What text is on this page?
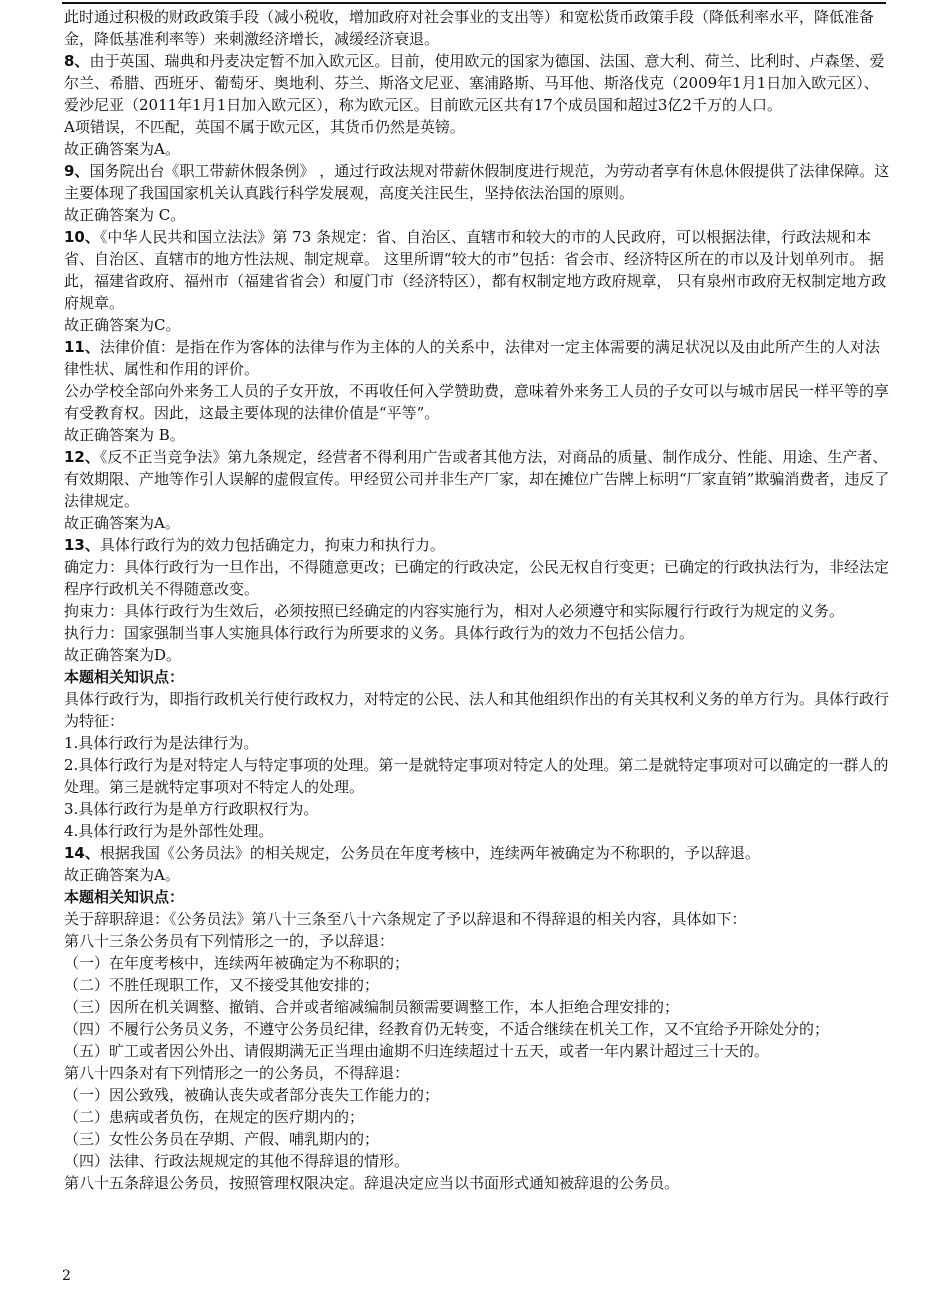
此时通过积极的财政政策手段（减小税收，增加政府对社会事业的支出等）和宽松货币政策手段（降低利率水平，降低准备金，降低基准利率等）来刺激经济增长，减缓经济衰退。

8、由于英国、瑞典和丹麦决定暂不加入欧元区。目前，使用欧元的国家为德国、法国、意大利、荷兰、比利时、卢森堡、爱尔兰、希腊、西班牙、葡萄牙、奥地利、芬兰、斯洛文尼亚、塞浦路斯、马耳他、斯洛伐克（2009年1月1日加入欧元区）、爱沙尼亚（2011年1月1日加入欧元区），称为欧元区。目前欧元区共有17个成员国和超过3亿2千万的人口。

A项错误，不匹配，英国不属于欧元区，其货币仍然是英镑。

故正确答案为A。

9、国务院出台《职工带薪休假条例》 ，通过行政法规对带薪休假制度进行规范，为劳动者享有休息休假提供了法律保障。这主要体现了我国国家机关认真践行科学发展观，高度关注民生，坚持依法治国的原则。

故正确答案为 C。

10、《中华人民共和国立法法》第 73 条规定：省、自治区、直辖市和较大的市的人民政府，可以根据法律，行政法规和本省、自治区、直辖市的地方性法规、制定规章。 这里所谓“较大的市”包括：省会市、经济特区所在的市以及计划单列市。 据此，福建省政府、福州市（福建省省会）和厦门市（经济特区），都有权制定地方政府规章， 只有泉州市政府无权制定地方政府规章。

故正确答案为C。

11、法律价值：是指在作为客体的法律与作为主体的人的关系中，法律对一定主体需要的满足状况以及由此所产生的人对法律性状、属性和作用的评价。

公办学校全部向外来务工人员的子女开放，不再收任何入学赞助费，意味着外来务工人员的子女可以与城市居民一样平等的享有受教育权。因此，这最主要体现的法律价值是“平等”。

故正确答案为 B。

12、《反不正当竞争法》第九条规定，经营者不得利用广告或者其他方法，对商品的质量、制作成分、性能、用途、生产者、有效期限、产地等作引人误解的虚假宣传。甲经贸公司并非生产厂家，却在摊位广告牌上标明“厂家直销”欺骗消费者，违反了法律规定。

故正确答案为A。

13、具体行政行为的效力包括确定力，拘束力和执行力。

确定力：具体行政行为一旦作出，不得随意更改；已确定的行政决定，公民无权自行变更；已确定的行政执法行为，非经法定程序行政机关不得随意改变。

拘束力：具体行政行为生效后，必须按照已经确定的内容实施行为，相对人必须遵守和实际履行行政行为规定的义务。

执行力：国家强制当事人实施具体行政行为所要求的义务。具体行政行为的效力不包括公信力。

故正确答案为D。

本题相关知识点：

具体行政行为，即指行政机关行使行政权力，对特定的公民、法人和其他组织作出的有关其权利义务的单方行为。具体行政行为特征：

1.具体行政行为是法律行为。

2.具体行政行为是对特定人与特定事项的处理。第一是就特定事项对特定人的处理。第二是就特定事项对可以确定的一群人的处理。第三是就特定事项对不特定人的处理。

3.具体行政行为是单方行政职权行为。

4.具体行政行为是外部性处理。

14、根据我国《公务员法》的相关规定，公务员在年度考核中，连续两年被确定为不称职的，予以辞退。

故正确答案为A。

本题相关知识点：

关于辞职辞退：《公务员法》第八十三条至八十六条规定了予以辞退和不得辞退的相关内容，具体如下：

第八十三条公务员有下列情形之一的，予以辞退：

（一）在年度考核中，连续两年被确定为不称职的；

（二）不胜任现职工作，又不接受其他安排的；

（三）因所在机关调整、撤销、合并或者缩减编制员额需要调整工作，本人拒绝合理安排的；

（四）不履行公务员义务，不遵守公务员纪律，经教育仍无转变，不适合继续在机关工作，又不宜给予开除处分的；

（五）旷工或者因公外出、请假期满无正当理由逾期不归连续超过十五天，或者一年内累计超过三十天的。

第八十四条对有下列情形之一的公务员，不得辞退：

（一）因公致残，被确认丧失或者部分丧失工作能力的；

（二）患病或者负伤，在规定的医疗期内的；

（三）女性公务员在孕期、产假、哺乳期内的；

（四）法律、行政法规规定的其他不得辞退的情形。

第八十五条辞退公务员，按照管理权限决定。辞退决定应当以书面形式通知被辞退的公务员。

2
